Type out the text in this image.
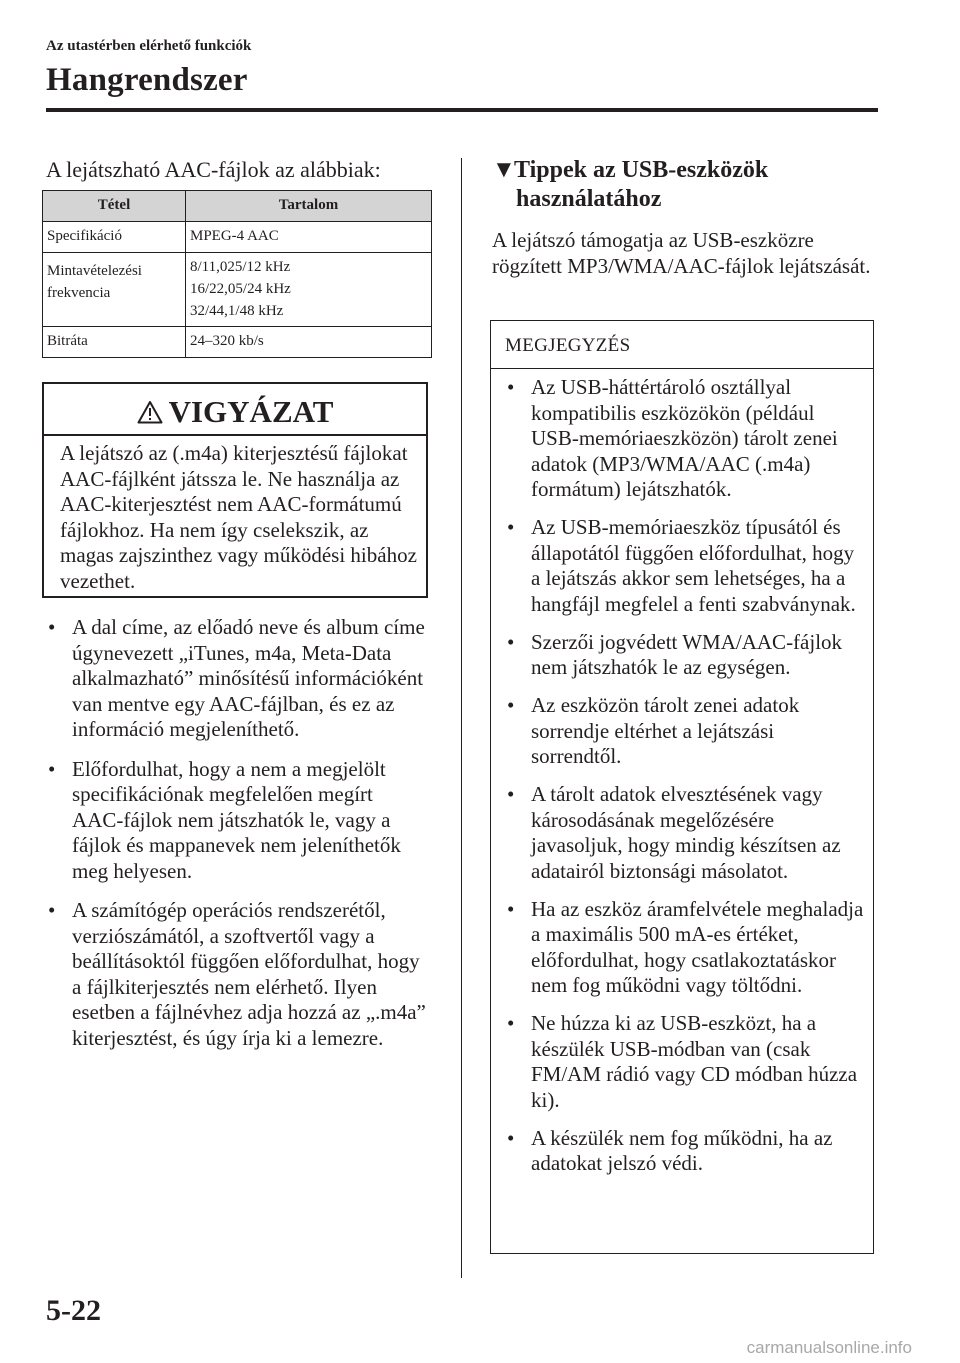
Az utastérben elérhető funkciók
Hangrendszer
A lejátszható AAC-fájlok az alábbiak:
Tétel	Tartalom

Specifikáció	MPEG-4 AAC

Mintavételezési
frekvencia	8/11,025/12 kHz
16/22,05/24 kHz
32/44,1/48 kHz

Bitráta	24–320 kb/s
VIGYÁZAT
A lejátszó az (.m4a) kiterjesztésű fájlokat AAC-fájlként játssza le. Ne használja az AAC-kiterjesztést nem AAC-formátumú fájlokhoz. Ha nem így cselekszik, az magas zajszinthez vagy működési hibához vezethet.
• A dal címe, az előadó neve és album címe úgynevezett „iTunes, m4a, Meta-Data alkalmazható” minősítésű információként van mentve egy AAC-fájlban, és ez az információ megjeleníthető.
• Előfordulhat, hogy a nem a megjelölt specifikációnak megfelelően megírt AAC-fájlok nem játszhatók le, vagy a fájlok és mappanevek nem jeleníthetők meg helyesen.
• A számítógép operációs rendszerétől, verziószámától, a szoftvertől vagy a beállításoktól függően előfordulhat, hogy a fájlkiterjesztés nem elérhető. Ilyen esetben a fájlnévhez adja hozzá az „.m4a” kiterjesztést, és úgy írja ki a lemezre.
▼Tippek az USB-eszközök
használatához
A lejátszó támogatja az USB-eszközre rögzített MP3/WMA/AAC-fájlok lejátszását.
MEGJEGYZÉS
• Az USB-háttértároló osztállyal kompatibilis eszközökön (például USB-memóriaeszközön) tárolt zenei adatok (MP3/WMA/AAC (.m4a) formátum) lejátszhatók.
• Az USB-memóriaeszköz típusától és állapotától függően előfordulhat, hogy a lejátszás akkor sem lehetséges, ha a hangfájl megfelel a fenti szabványnak.
• Szerzői jogvédett WMA/AAC-fájlok nem játszhatók le az egységen.
• Az eszközön tárolt zenei adatok sorrendje eltérhet a lejátszási sorrendtől.
• A tárolt adatok elvesztésének vagy károsodásának megelőzésére javasoljuk, hogy mindig készítsen az adatairól biztonsági másolatot.
• Ha az eszköz áramfelvétele meghaladja a maximális 500 mA-es értéket, előfordulhat, hogy csatlakoztatáskor nem fog működni vagy töltődni.
• Ne húzza ki az USB-eszközt, ha a készülék USB-módban van (csak FM/AM rádió vagy CD módban húzza ki).
• A készülék nem fog működni, ha az adatokat jelszó védi.
5-22
carmanualsonline.info
